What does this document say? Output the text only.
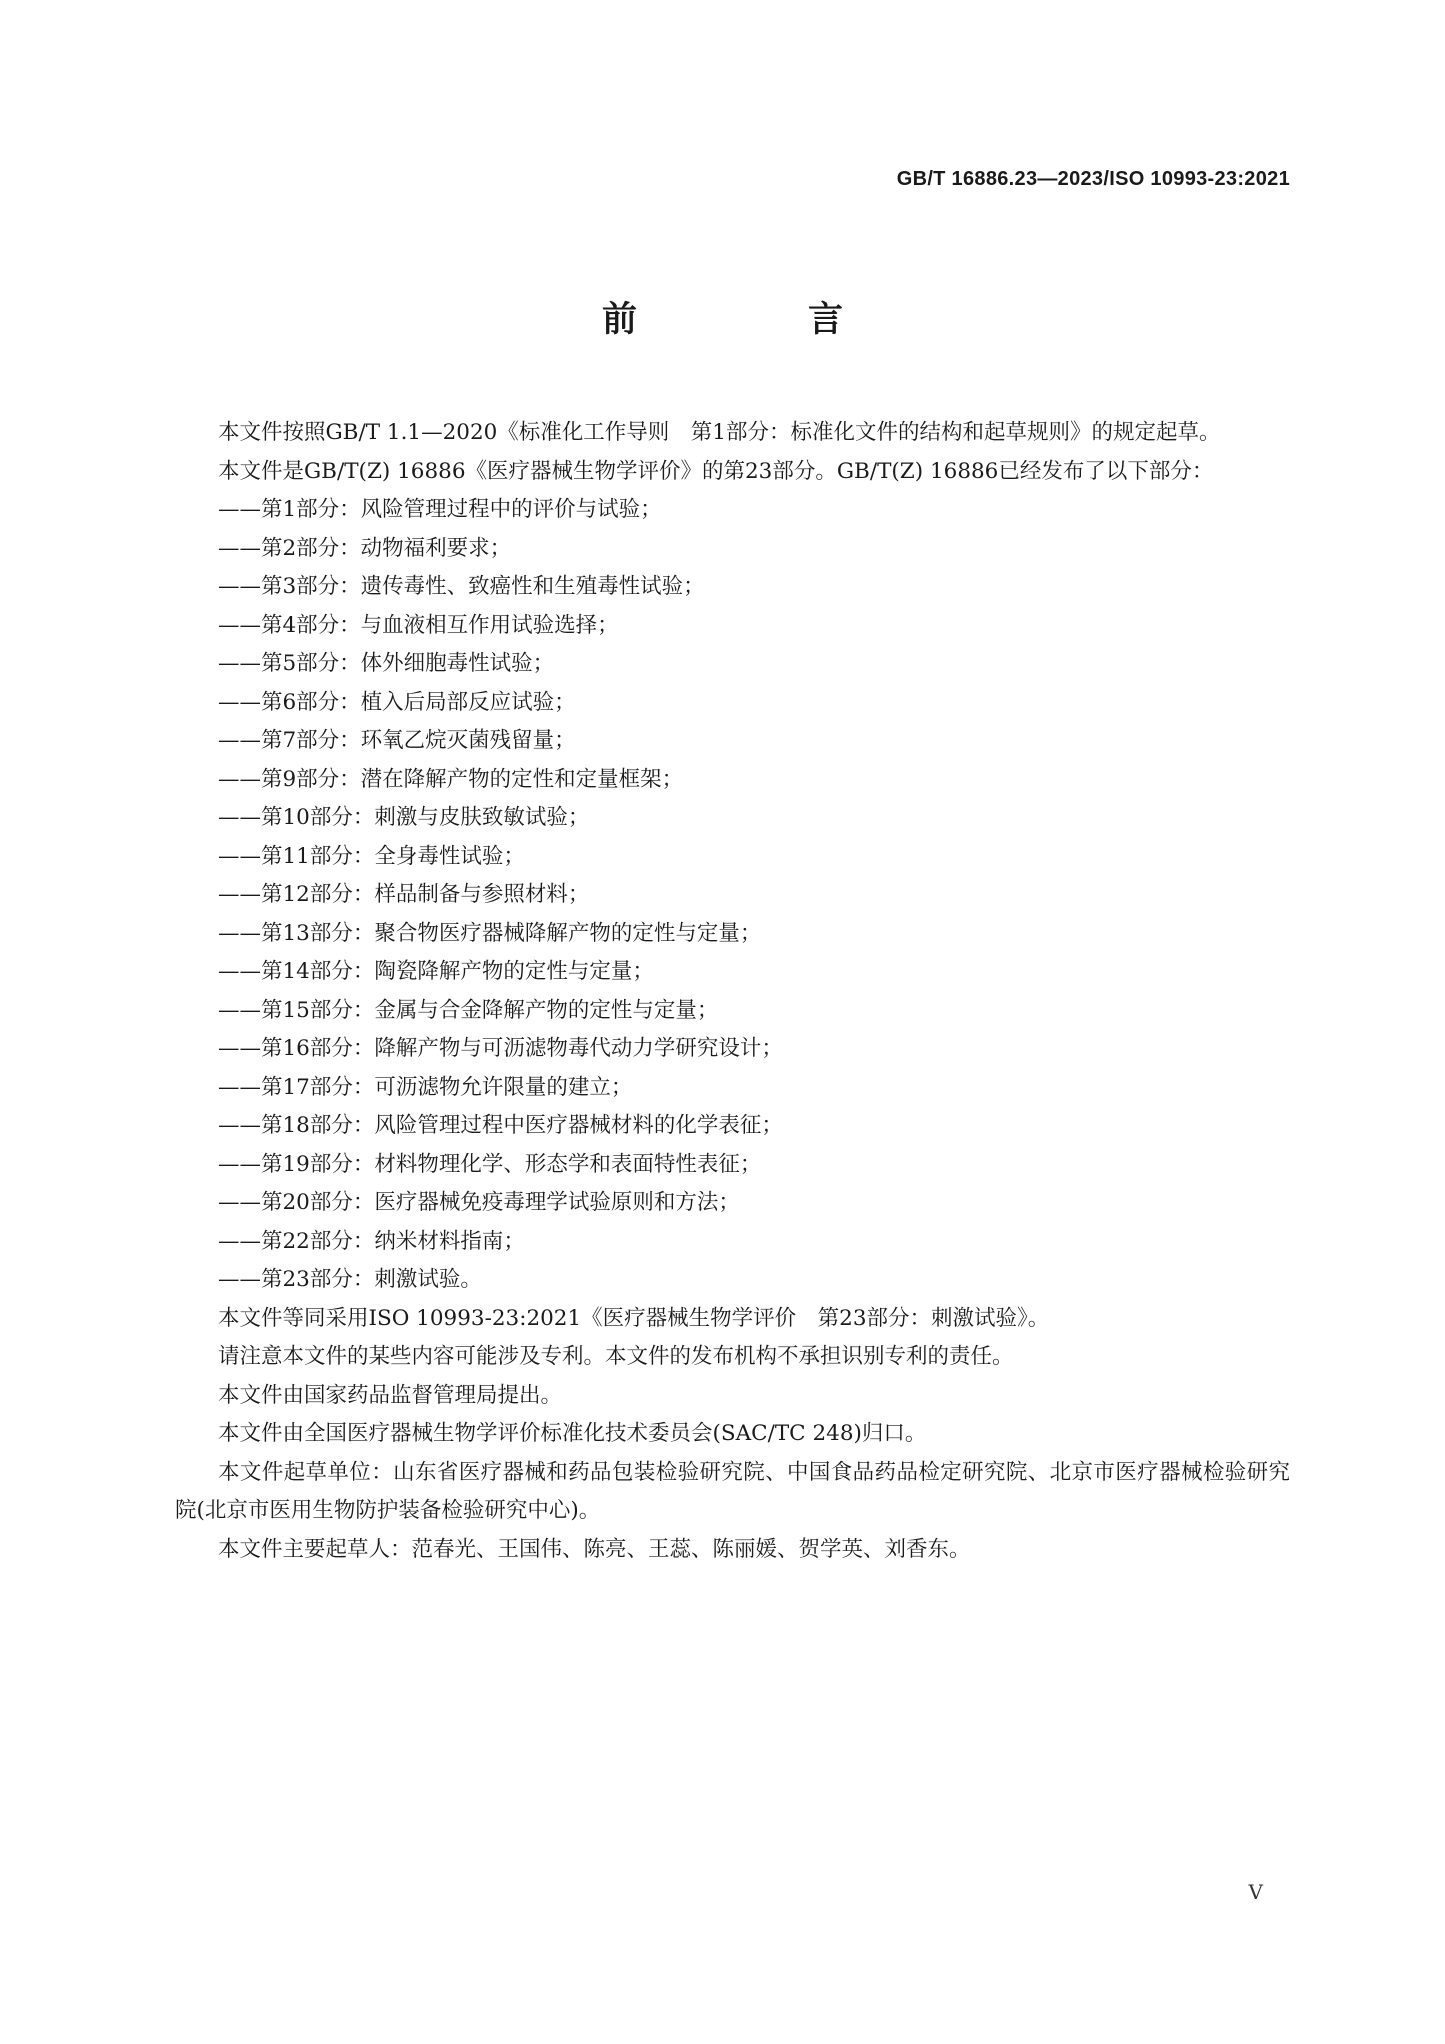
GB/T 16886.23—2023/ISO 10993-23:2021
前　言

本文件按照GB/T 1.1—2020《标准化工作导则　第1部分：标准化文件的结构和起草规则》的规定起草。

本文件是GB/T(Z) 16886《医疗器械生物学评价》的第23部分。GB/T(Z) 16886已经发布了以下部分：

——第1部分：风险管理过程中的评价与试验；
——第2部分：动物福利要求；
——第3部分：遗传毒性、致癌性和生殖毒性试验；
——第4部分：与血液相互作用试验选择；
——第5部分：体外细胞毒性试验；
——第6部分：植入后局部反应试验；
——第7部分：环氧乙烷灭菌残留量；
——第9部分：潜在降解产物的定性和定量框架；
——第10部分：刺激与皮肤致敏试验；
——第11部分：全身毒性试验；
——第12部分：样品制备与参照材料；
——第13部分：聚合物医疗器械降解产物的定性与定量；
——第14部分：陶瓷降解产物的定性与定量；
——第15部分：金属与合金降解产物的定性与定量；
——第16部分：降解产物与可沥滤物毒代动力学研究设计；
——第17部分：可沥滤物允许限量的建立；
——第18部分：风险管理过程中医疗器械材料的化学表征；
——第19部分：材料物理化学、形态学和表面特性表征；
——第20部分：医疗器械免疫毒理学试验原则和方法；
——第22部分：纳米材料指南；
——第23部分：刺激试验。

本文件等同采用ISO 10993-23:2021《医疗器械生物学评价　第23部分：刺激试验》。

请注意本文件的某些内容可能涉及专利。本文件的发布机构不承担识别专利的责任。

本文件由国家药品监督管理局提出。

本文件由全国医疗器械生物学评价标准化技术委员会(SAC/TC 248)归口。

本文件起草单位：山东省医疗器械和药品包装检验研究院、中国食品药品检定研究院、北京市医疗器械检验研究院(北京市医用生物防护装备检验研究中心)。

本文件主要起草人：范春光、王国伟、陈亮、王蕊、陈丽媛、贺学英、刘香东。

V
